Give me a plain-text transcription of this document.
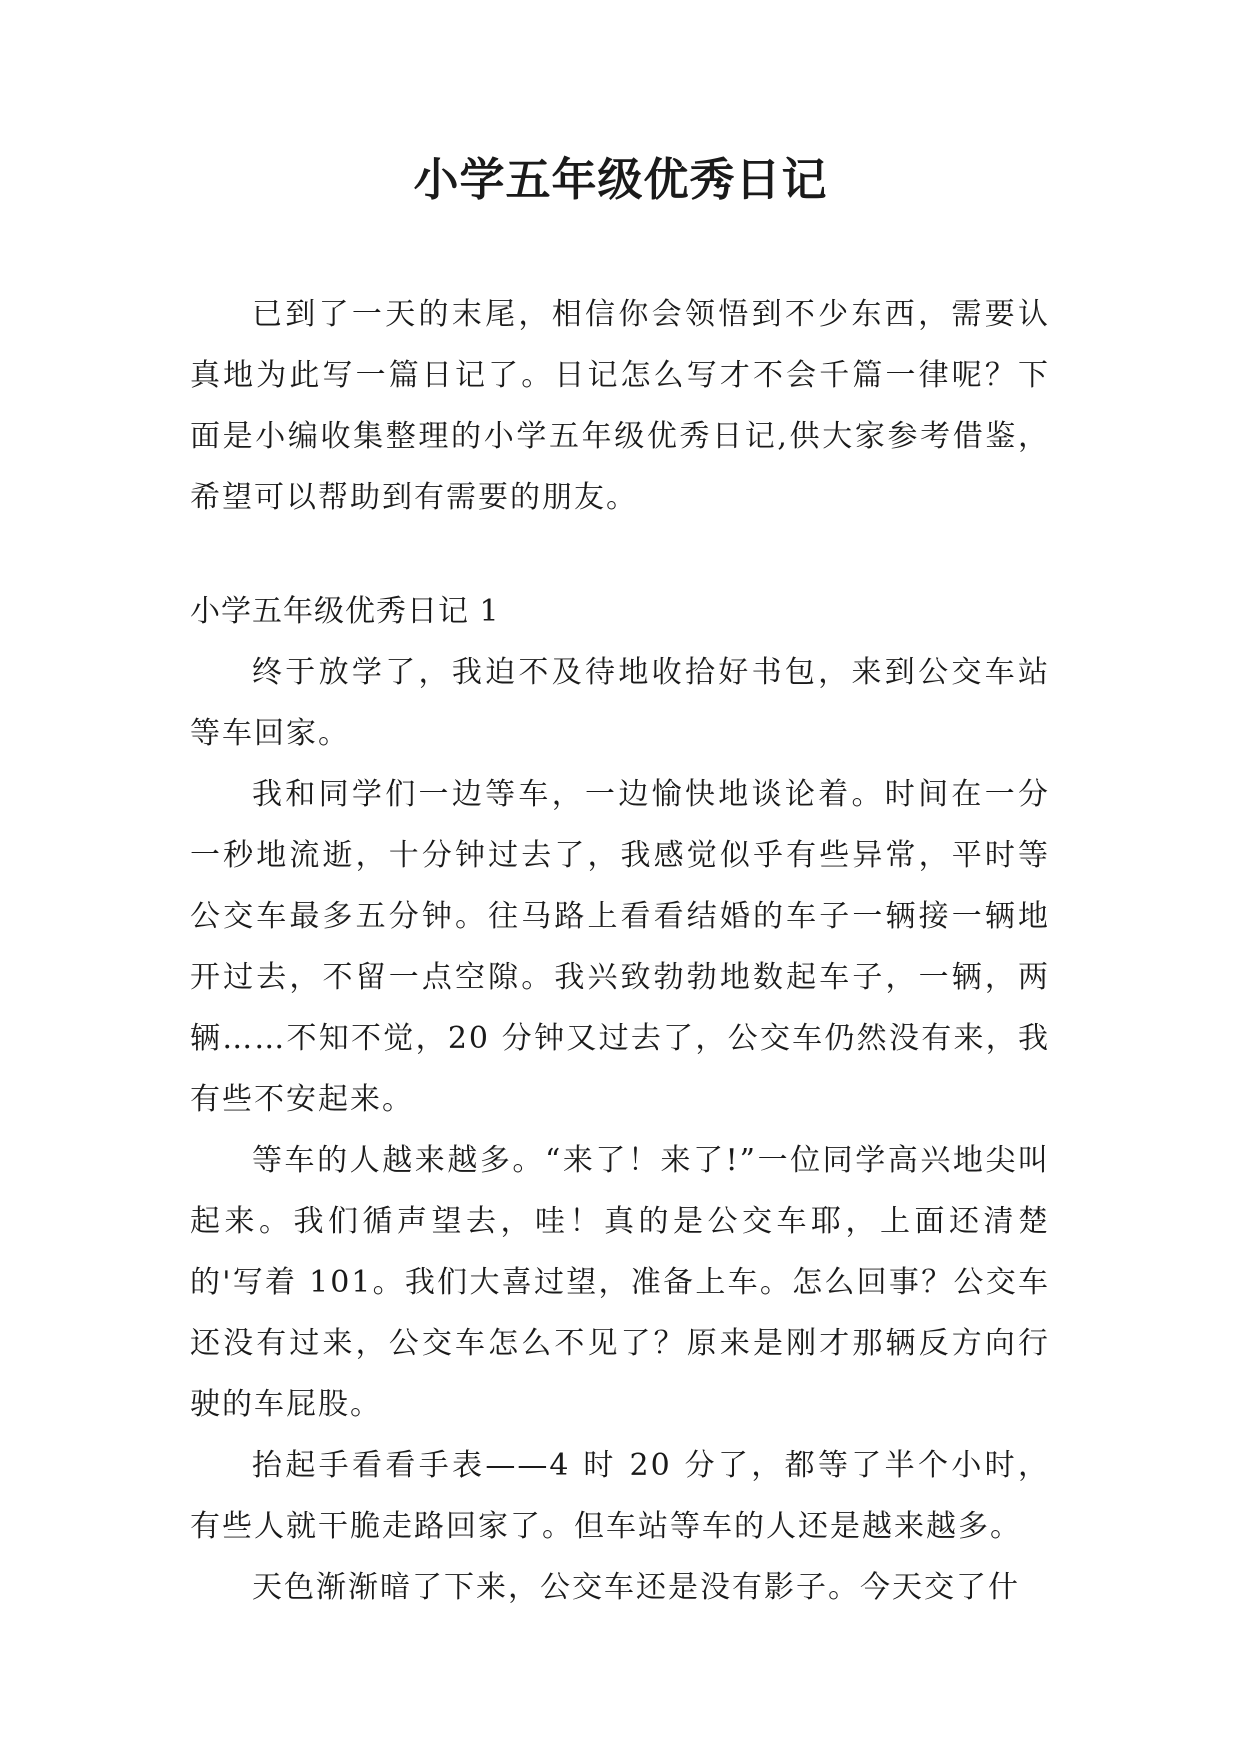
小学五年级优秀日记

已到了一天的末尾，相信你会领悟到不少东西，需要认真地为此写一篇日记了。日记怎么写才不会千篇一律呢？下面是小编收集整理的小学五年级优秀日记,供大家参考借鉴，希望可以帮助到有需要的朋友。

小学五年级优秀日记 1

终于放学了，我迫不及待地收拾好书包，来到公交车站等车回家。

我和同学们一边等车，一边愉快地谈论着。时间在一分一秒地流逝，十分钟过去了，我感觉似乎有些异常，平时等公交车最多五分钟。往马路上看看结婚的车子一辆接一辆地开过去，不留一点空隙。我兴致勃勃地数起车子，一辆，两辆……不知不觉，20 分钟又过去了，公交车仍然没有来，我有些不安起来。

等车的人越来越多。“来了！来了!”一位同学高兴地尖叫起来。我们循声望去，哇！真的是公交车耶，上面还清楚的'写着 101。我们大喜过望，准备上车。怎么回事？公交车还没有过来，公交车怎么不见了？原来是刚才那辆反方向行驶的车屁股。

抬起手看看手表——4 时 20 分了，都等了半个小时，有些人就干脆走路回家了。但车站等车的人还是越来越多。

天色渐渐暗了下来，公交车还是没有影子。今天交了什
